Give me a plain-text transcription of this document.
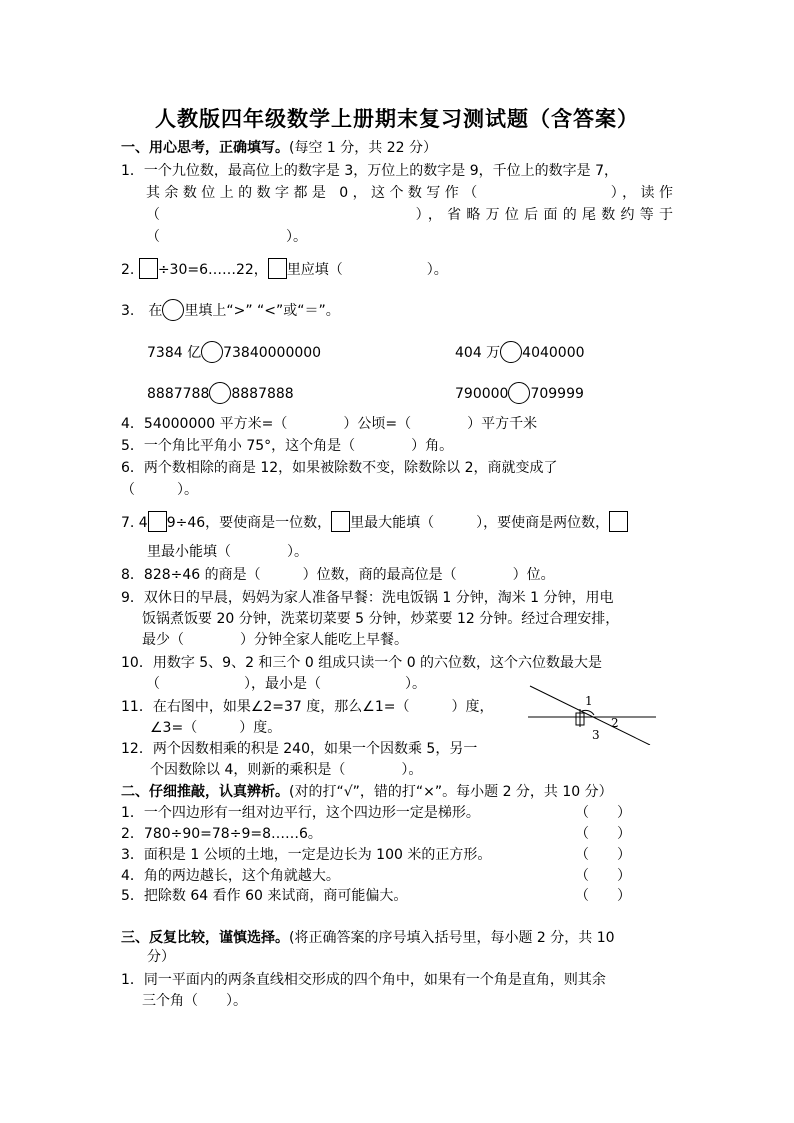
人教版四年级数学上册期末复习测试题（含答案）
一、用心思考，正确填写。(每空 1 分，共 22 分）
1．一个九位数，最高位上的数字是 3，万位上的数字是 9，千位上的数字是 7，
其余数位上的数字都是 0，这个数写作（　　　　　　　），读作
（　　　　　　　　　　　　　），省略万位后面的尾数约等于
（　　　　　　　　　）。
2. ÷30=6……22， 里应填（　　　　　　）。
3.　在 里填上“>” “<”或“＝”。
7384 亿 73840000000	404 万 4040000
8887788 8887888	790000 709999
4．54000000 平方米=（　　　　）公顷=（　　　　）平方千米
5．一个角比平角小 75°，这个角是（　　　　）角。
6．两个数相除的商是 12，如果被除数不变，除数除以 2，商就变成了
（　　　）。
7. 4 9÷46，要使商是一位数， 里最大能填（　　　），要使商是两位数，
里最小能填（　　　　）。
8．828÷46 的商是（　　　）位数，商的最高位是（　　　　）位。
9．双休日的早晨，妈妈为家人准备早餐：洗电饭锅 1 分钟，淘米 1 分钟，用电
饭锅煮饭要 20 分钟，洗菜切菜要 5 分钟，炒菜要 12 分钟。经过合理安排，
最少（　　　　）分钟全家人能吃上早餐。
10．用数字 5、9、2 和三个 0 组成只读一个 0 的六位数，这个六位数最大是
（　　　　　　），最小是（　　　　　　）。
11．在右图中，如果∠2=37 度，那么∠1=（　　　）度，
∠3=（　　　）度。
1
2
3
12．两个因数相乘的积是 240，如果一个因数乘 5，另一
个因数除以 4，则新的乘积是（　　　　）。
二、仔细推敲，认真辨析。(对的打“√”，错的打“×”。每小题 2 分，共 10 分）
1．一个四边形有一组对边平行，这个四边形一定是梯形。	（　　）
2．780÷90=78÷9=8……6。	（　　）
3．面积是 1 公顷的土地，一定是边长为 100 米的正方形。	（　　）
4．角的两边越长，这个角就越大。	（　　）
5．把除数 64 看作 60 来试商，商可能偏大。	（　　）
三、反复比较，谨慎选择。(将正确答案的序号填入括号里，每小题 2 分，共 10
分）
1．同一平面内的两条直线相交形成的四个角中，如果有一个角是直角，则其余
三个角（　　）。
